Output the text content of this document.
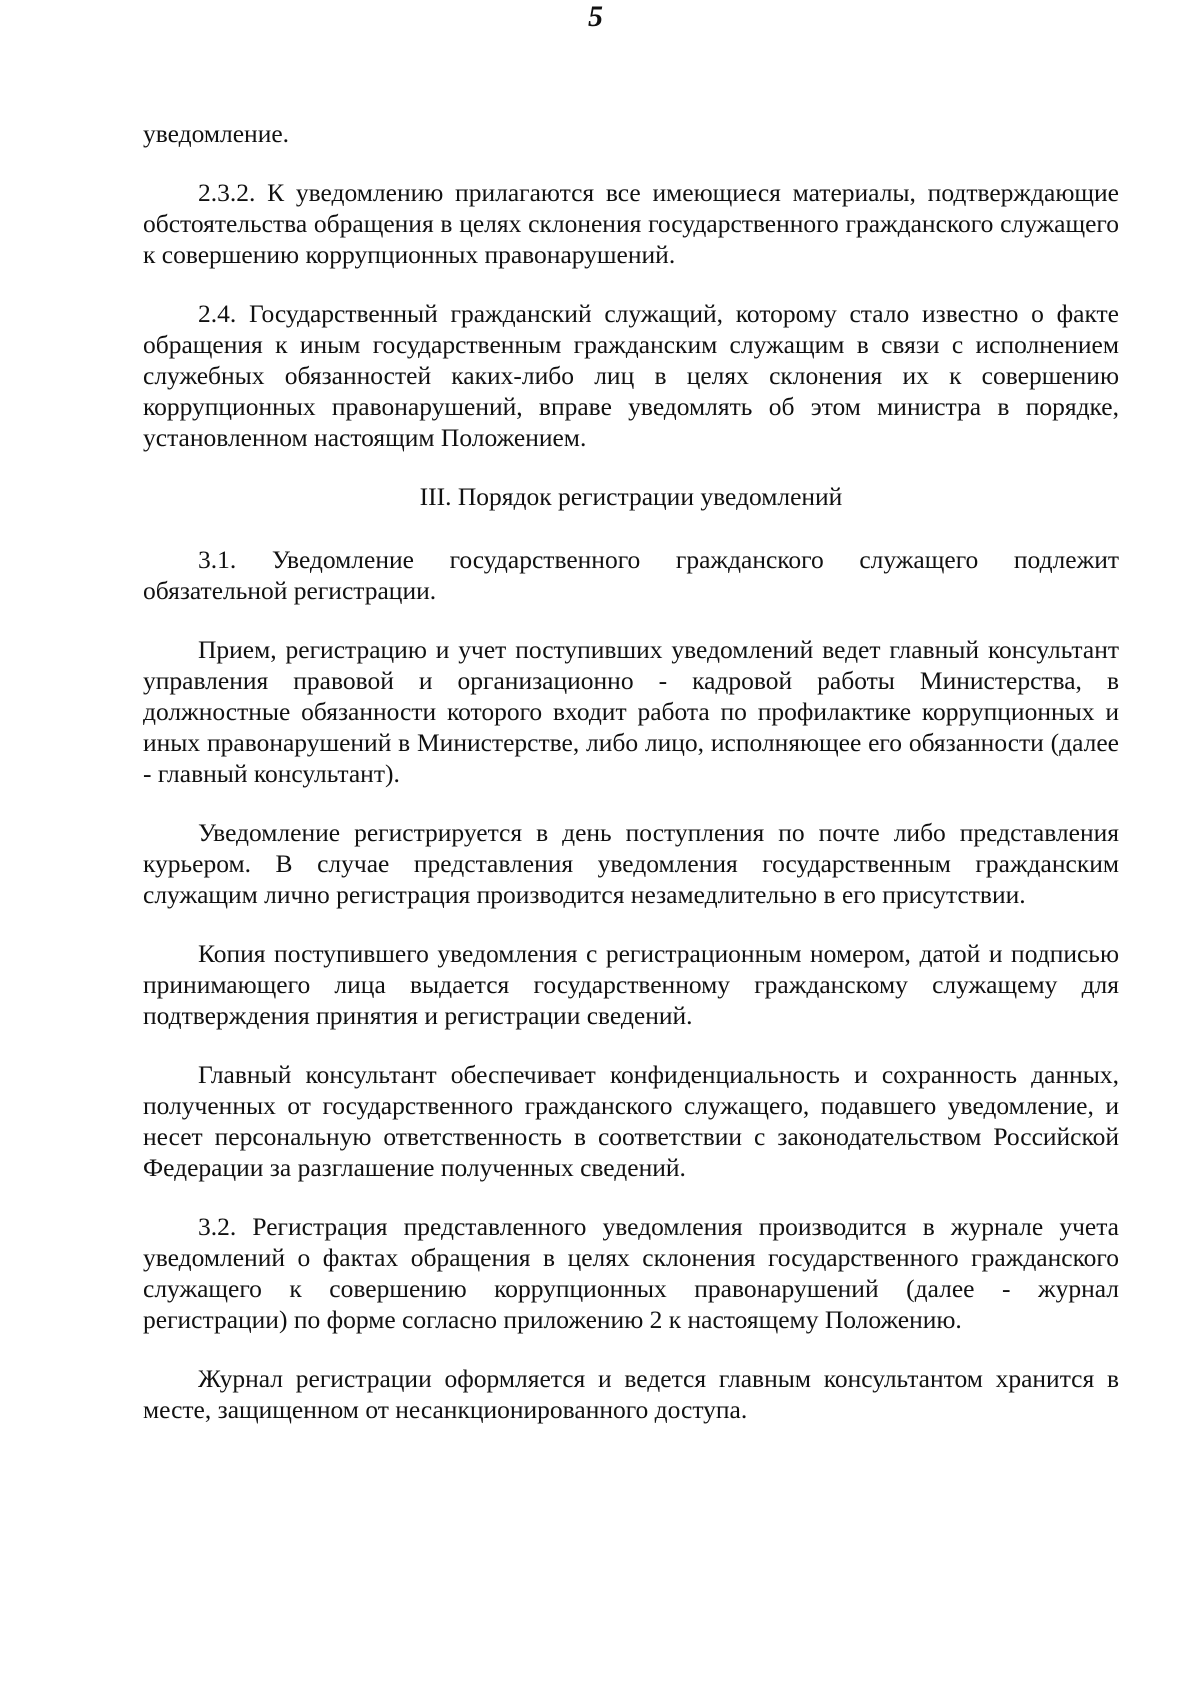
5

уведомление.

2.3.2. К уведомлению прилагаются все имеющиеся материалы, подтверждающие обстоятельства обращения в целях склонения государственного гражданского служащего к совершению коррупционных правонарушений.

2.4. Государственный гражданский служащий, которому стало известно о факте обращения к иным государственным гражданским служащим в связи с исполнением служебных обязанностей каких-либо лиц в целях склонения их к совершению коррупционных правонарушений, вправе уведомлять об этом министра в порядке, установленном настоящим Положением.

III. Порядок регистрации уведомлений

3.1. Уведомление государственного гражданского служащего подлежит обязательной регистрации.

Прием, регистрацию и учет поступивших уведомлений ведет главный консультант управления правовой и организационно - кадровой работы Министерства, в должностные обязанности которого входит работа по профилактике коррупционных и иных правонарушений в Министерстве, либо лицо, исполняющее его обязанности (далее - главный консультант).

Уведомление регистрируется в день поступления по почте либо представления курьером. В случае представления уведомления государственным гражданским служащим лично регистрация производится незамедлительно в его присутствии.

Копия поступившего уведомления с регистрационным номером, датой и подписью принимающего лица выдается государственному гражданскому служащему для подтверждения принятия и регистрации сведений.

Главный консультант обеспечивает конфиденциальность и сохранность данных, полученных от государственного гражданского служащего, подавшего уведомление, и несет персональную ответственность в соответствии с законодательством Российской Федерации за разглашение полученных сведений.

3.2. Регистрация представленного уведомления производится в журнале учета уведомлений о фактах обращения в целях склонения государственного гражданского служащего к совершению коррупционных правонарушений (далее - журнал регистрации) по форме согласно приложению 2 к настоящему Положению.

Журнал регистрации оформляется и ведется главным консультантом хранится в месте, защищенном от несанкционированного доступа.
